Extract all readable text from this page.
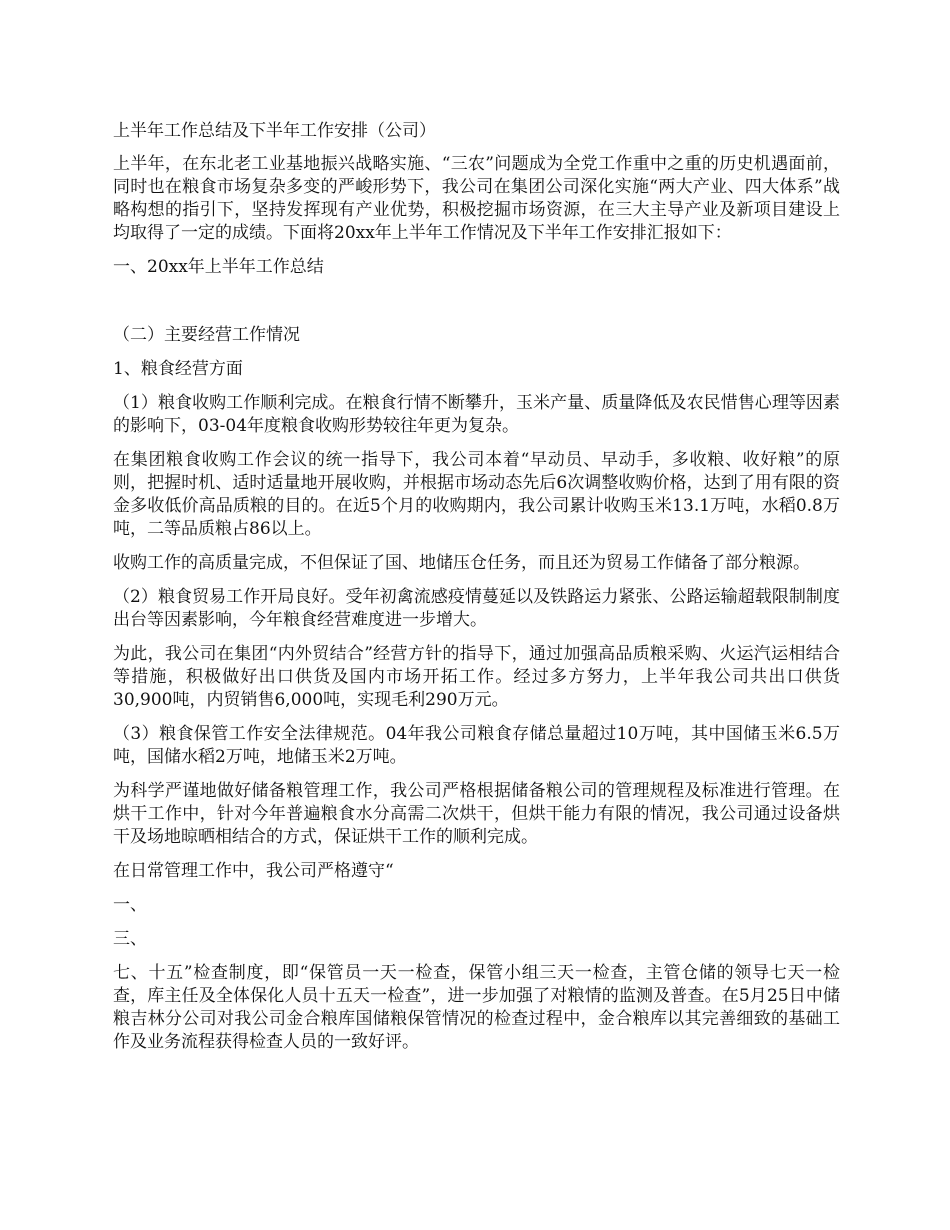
上半年工作总结及下半年工作安排（公司）

上半年，在东北老工业基地振兴战略实施、“三农”问题成为全党工作重中之重的历史机遇面前，同时也在粮食市场复杂多变的严峻形势下，我公司在集团公司深化实施“两大产业、四大体系”战略构想的指引下，坚持发挥现有产业优势，积极挖掘市场资源，在三大主导产业及新项目建设上均取得了一定的成绩。下面将20xx年上半年工作情况及下半年工作安排汇报如下：

一、20xx年上半年工作总结

（二）主要经营工作情况

1、粮食经营方面

（1）粮食收购工作顺利完成。在粮食行情不断攀升，玉米产量、质量降低及农民惜售心理等因素的影响下，03-04年度粮食收购形势较往年更为复杂。

在集团粮食收购工作会议的统一指导下，我公司本着“早动员、早动手，多收粮、收好粮”的原则，把握时机、适时适量地开展收购，并根据市场动态先后6次调整收购价格，达到了用有限的资金多收低价高品质粮的目的。在近5个月的收购期内，我公司累计收购玉米13.1万吨，水稻0.8万吨，二等品质粮占86以上。

收购工作的高质量完成，不但保证了国、地储压仓任务，而且还为贸易工作储备了部分粮源。

（2）粮食贸易工作开局良好。受年初禽流感疫情蔓延以及铁路运力紧张、公路运输超载限制制度出台等因素影响，今年粮食经营难度进一步增大。

为此，我公司在集团“内外贸结合”经营方针的指导下，通过加强高品质粮采购、火运汽运相结合等措施，积极做好出口供货及国内市场开拓工作。经过多方努力，上半年我公司共出口供货30,900吨，内贸销售6,000吨，实现毛利290万元。

（3）粮食保管工作安全法律规范。04年我公司粮食存储总量超过10万吨，其中国储玉米6.5万吨，国储水稻2万吨，地储玉米2万吨。

为科学严谨地做好储备粮管理工作，我公司严格根据储备粮公司的管理规程及标准进行管理。在烘干工作中，针对今年普遍粮食水分高需二次烘干，但烘干能力有限的情况，我公司通过设备烘干及场地晾晒相结合的方式，保证烘干工作的顺利完成。

在日常管理工作中，我公司严格遵守“

一、

三、

七、十五”检查制度，即“保管员一天一检查，保管小组三天一检查，主管仓储的领导七天一检查，库主任及全体保化人员十五天一检查”，进一步加强了对粮情的监测及普查。在5月25日中储粮吉林分公司对我公司金合粮库国储粮保管情况的检查过程中，金合粮库以其完善细致的基础工作及业务流程获得检查人员的一致好评。
